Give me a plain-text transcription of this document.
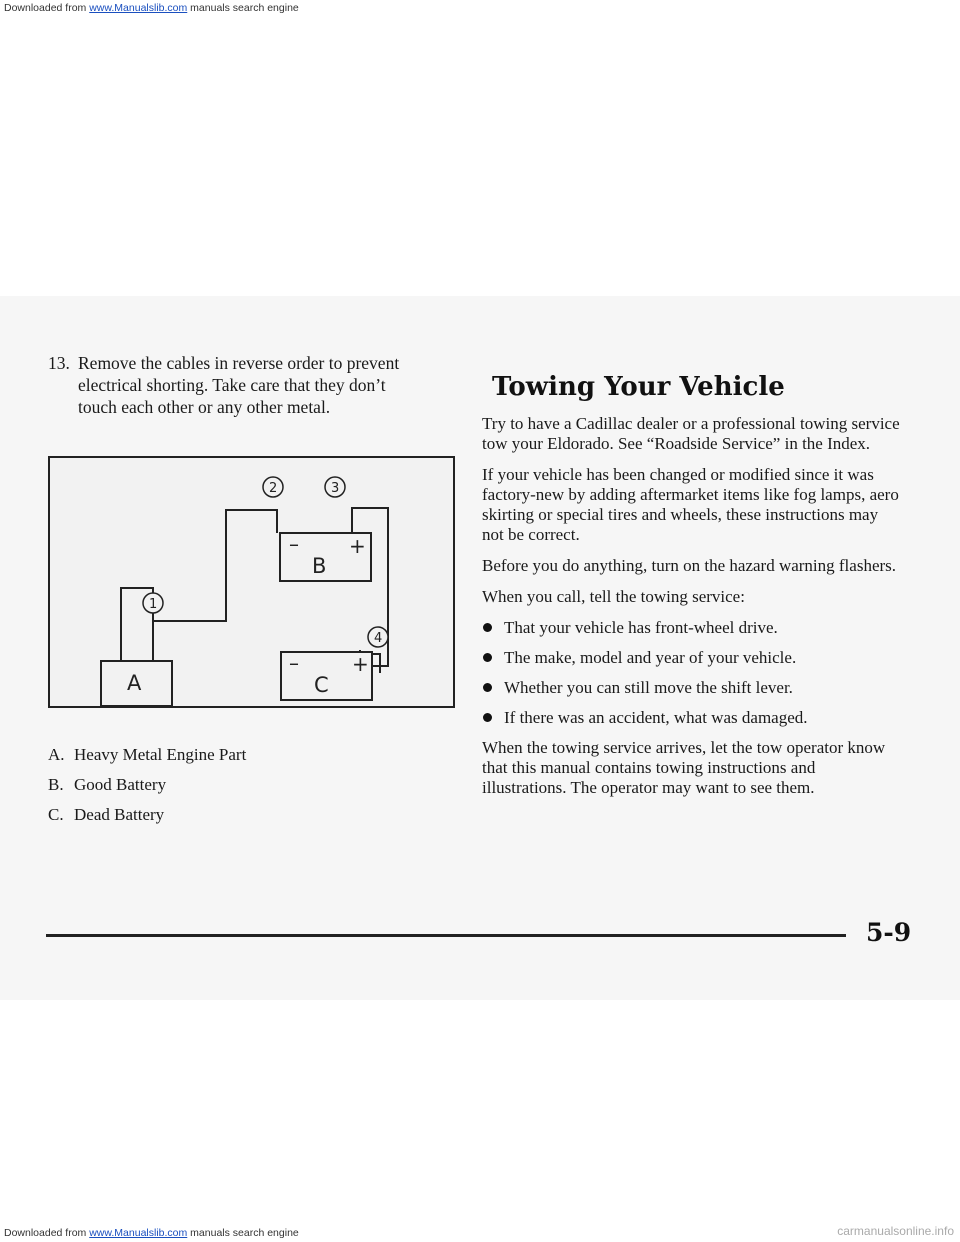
Downloaded from www.Manualslib.com manuals search engine
13. Remove the cables in reverse order to prevent electrical shorting. Take care that they don’t touch each other or any other metal.
A
–	+
B
–	+
C
1
2	3
4
A. Heavy Metal Engine Part
B. Good Battery
C. Dead Battery
Towing Your Vehicle

Try to have a Cadillac dealer or a professional towing service tow your Eldorado. See “Roadside Service” in the Index.

If your vehicle has been changed or modified since it was factory-new by adding aftermarket items like fog lamps, aero skirting or special tires and wheels, these instructions may not be correct.

Before you do anything, turn on the hazard warning flashers.

When you call, tell the towing service:

That your vehicle has front-wheel drive.
The make, model and year of your vehicle.
Whether you can still move the shift lever.
If there was an accident, what was damaged.

When the towing service arrives, let the tow operator know that this manual contains towing instructions and illustrations. The operator may want to see them.

5-9
Downloaded from www.Manualslib.com manuals search engine	carmanualsonline.info
